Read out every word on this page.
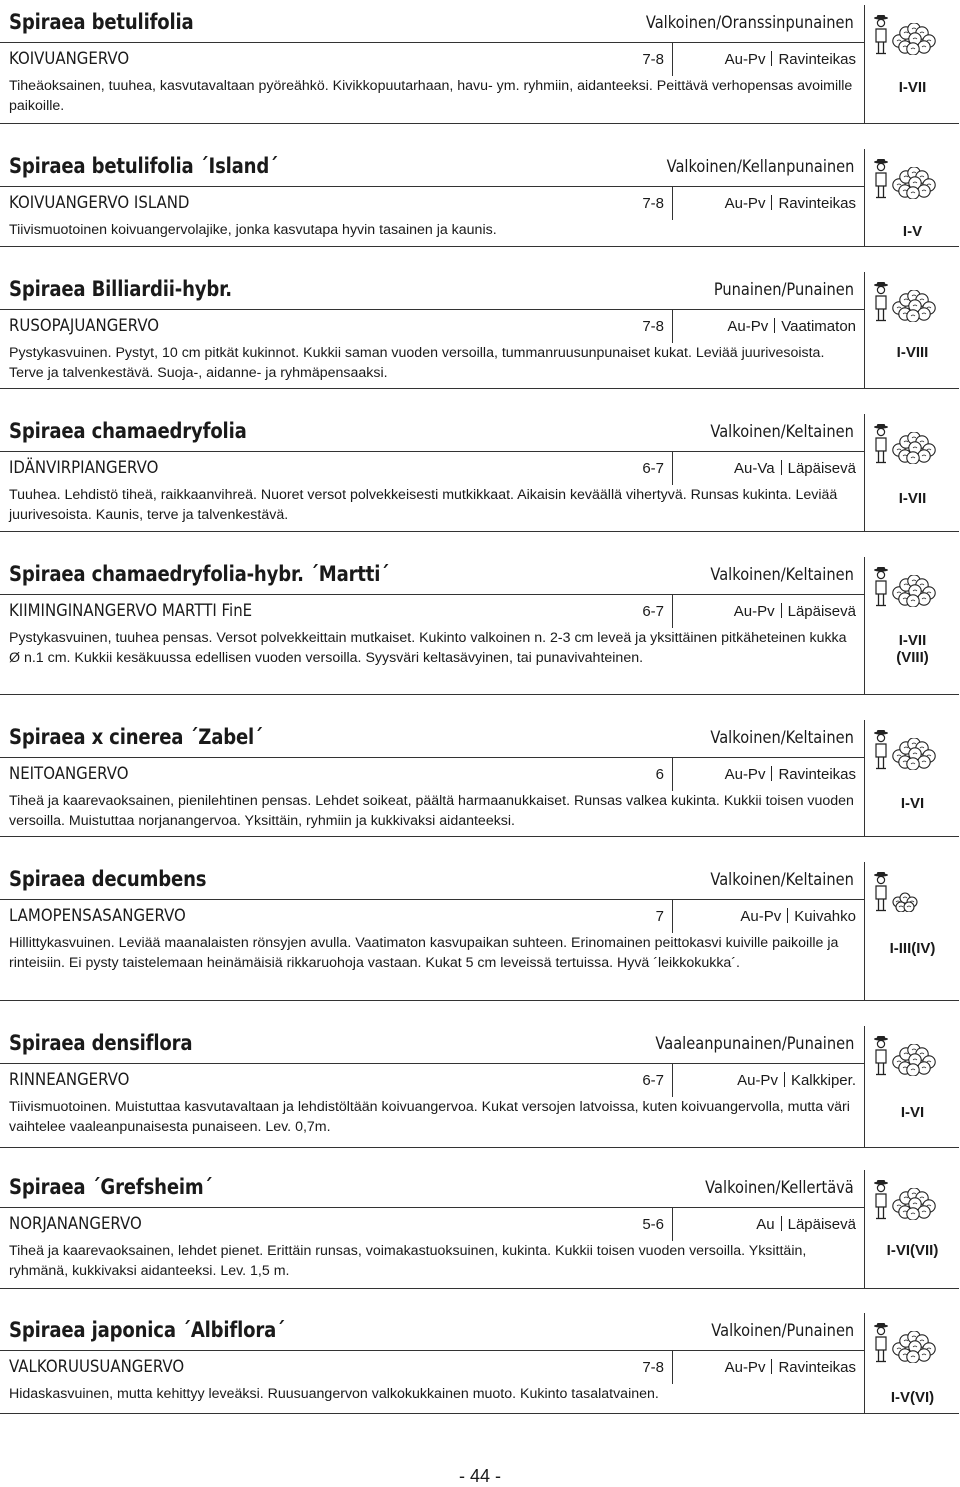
Spiraea betulifolia	Valkoinen/Oranssinpunainen
KOIVUANGERVO	7-8	Au-Pv Ravinteikas
Tiheäoksainen, tuuhea, kasvutavaltaan pyöreähkö. Kivikkopuutarhaan, havu- ym. ryhmiin, aidanteeksi. Peittävä verhopensas avoimille paikoille.
I-VII
Spiraea betulifolia ´Island´	Valkoinen/Kellanpunainen
KOIVUANGERVO ISLAND	7-8	Au-Pv Ravinteikas
Tiivismuotoinen koivuangervolajike, jonka kasvutapa hyvin tasainen ja kaunis.	I-V
Spiraea Billiardii-hybr.	Punainen/Punainen
RUSOPAJUANGERVO	7-8	Au-Pv Vaatimaton
Pystykasvuinen. Pystyt, 10 cm pitkät kukinnot. Kukkii saman vuoden versoilla, tummanruusunpunaiset kukat. Leviää juurivesoista. Terve ja talvenkestävä. Suoja-, aidanne- ja ryhmäpensaaksi.
I-VIII
Spiraea chamaedryfolia	Valkoinen/Keltainen
IDÄNVIRPIANGERVO	6-7	Au-Va Läpäisevä
Tuuhea. Lehdistö tiheä, raikkaanvihreä. Nuoret versot polvekkeisesti mutkikkaat. Aikaisin keväällä vihertyvä. Runsas kukinta. Leviää juurivesoista. Kaunis, terve ja talvenkestävä.
I-VII
Spiraea chamaedryfolia-hybr. ´Martti´	Valkoinen/Keltainen
KIIMINGINANGERVO MARTTI FinE	6-7	Au-Pv Läpäisevä
Pystykasvuinen, tuuhea pensas. Versot polvekkeittain mutkaiset. Kukinto valkoinen n. 2-3 cm leveä ja yksittäinen pitkäheteinen kukka Ø n.1 cm. Kukkii kesäkuussa edellisen vuoden versoilla. Syysväri keltasävyinen, tai punavivahteinen.
I-VII
(VIII)
Spiraea x cinerea ´Zabel´	Valkoinen/Keltainen
NEITOANGERVO	6	Au-Pv Ravinteikas
Tiheä ja kaarevaoksainen, pienilehtinen pensas. Lehdet soikeat, päältä harmaanukkaiset. Runsas valkea kukinta. Kukkii toisen vuoden versoilla. Muistuttaa norjanangervoa. Yksittäin, ryhmiin ja kukkivaksi aidanteeksi.
I-VI
Spiraea decumbens	Valkoinen/Keltainen
LAMOPENSASANGERVO	7	Au-Pv Kuivahko
Hillittykasvuinen. Leviää maanalaisten rönsyjen avulla. Vaatimaton kasvupaikan suhteen. Erinomainen peittokasvi kuiville paikoille ja rinteisiin. Ei pysty taistelemaan heinämäisiä rikkaruohoja vastaan. Kukat 5 cm leveissä tertuissa. Hyvä ´leikkokukka´.
I-III(IV)
Spiraea densiflora	Vaaleanpunainen/Punainen
RINNEANGERVO	6-7	Au-Pv Kalkkiper.
Tiivismuotoinen. Muistuttaa kasvutavaltaan ja lehdistöltään koivuangervoa. Kukat versojen latvoissa, kuten koivuangervolla, mutta väri vaihtelee vaaleanpunaisesta punaiseen. Lev. 0,7m.
I-VI
Spiraea ´Grefsheim´	Valkoinen/Kellertävä
NORJANANGERVO	5-6	Au Läpäisevä
Tiheä ja kaarevaoksainen, lehdet pienet. Erittäin runsas, voimakastuoksuinen, kukinta. Kukkii toisen vuoden versoilla. Yksittäin, ryhmänä, kukkivaksi aidanteeksi. Lev. 1,5 m.
I-VI(VII)
Spiraea japonica ´Albiflora´	Valkoinen/Punainen
VALKORUUSUANGERVO	7-8	Au-Pv Ravinteikas
Hidaskasvuinen, mutta kehittyy leveäksi. Ruusuangervon valkokukkainen muoto. Kukinto tasalatvainen.	I-V(VI)
- 44 -
